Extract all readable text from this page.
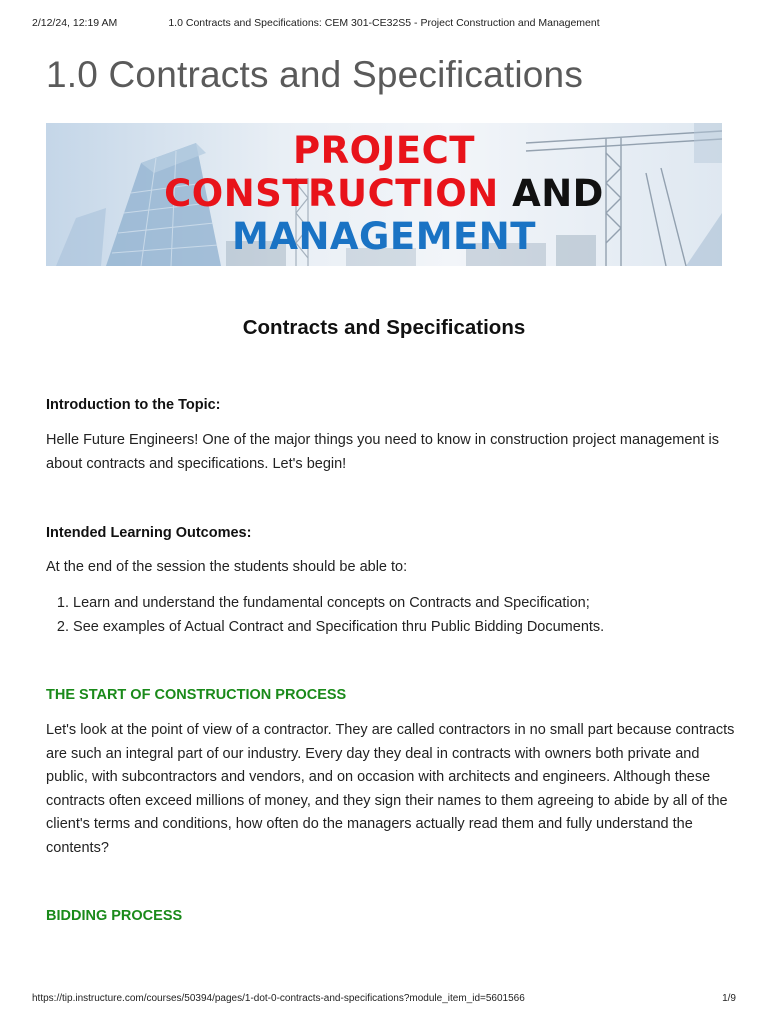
2/12/24, 12:19 AM	1.0 Contracts and Specifications: CEM 301-CE32S5 - Project Construction and Management
1.0 Contracts and Specifications
PROJECT
CONSTRUCTION AND
MANAGEMENT
Contracts and Specifications

Introduction to the Topic:

Helle Future Engineers! One of the major things you need to know in construction project management is about contracts and specifications. Let's begin!

Intended Learning Outcomes:

At the end of the session the students should be able to:

1. Learn and understand the fundamental concepts on Contracts and Specification;
2. See examples of Actual Contract and Specification thru Public Bidding Documents.

THE START OF CONSTRUCTION PROCESS

Let's look at the point of view of a contractor. They are called contractors in no small part because contracts are such an integral part of our industry. Every day they deal in contracts with owners both private and public, with subcontractors and vendors, and on occasion with architects and engineers. Although these contracts often exceed millions of money, and they sign their names to them agreeing to abide by all of the client's terms and conditions, how often do the managers actually read them and fully understand the contents?

BIDDING PROCESS

https://tip.instructure.com/courses/50394/pages/1-dot-0-contracts-and-specifications?module_item_id=5601566	1/9
